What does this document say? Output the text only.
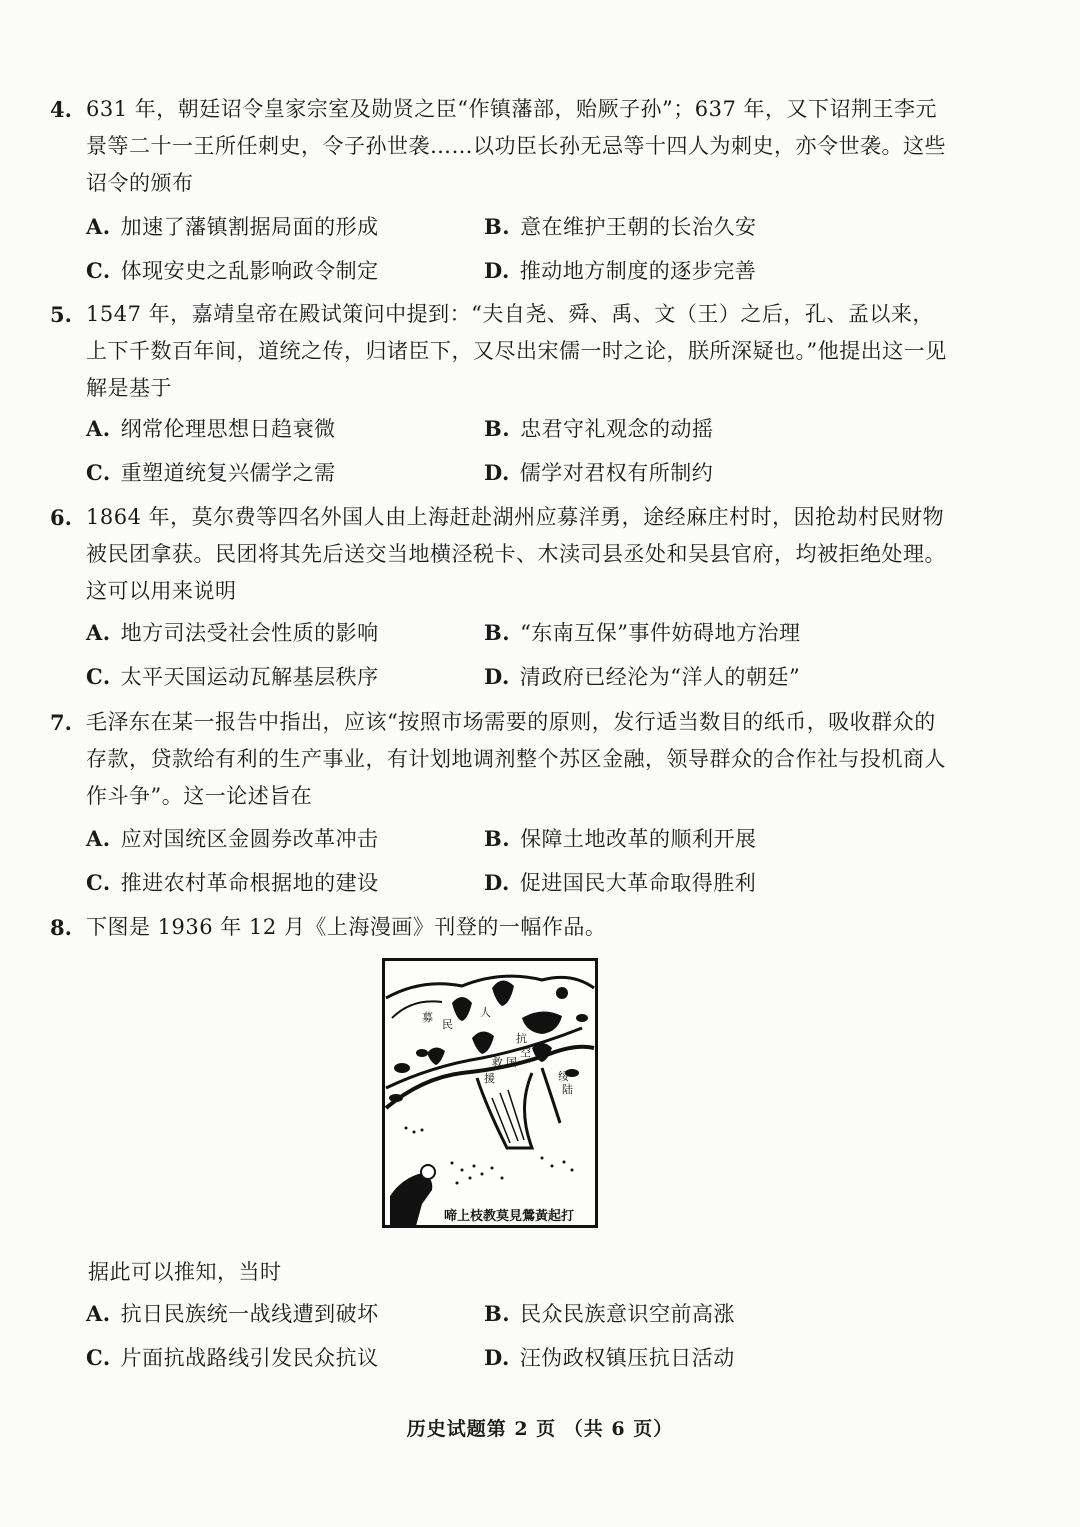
4. 631 年，朝廷诏令皇家宗室及勋贤之臣“作镇藩部，贻厥子孙”；637 年，又下诏荆王李元景等二十一王所任刺史，令子孙世袭……以功臣长孙无忌等十四人为刺史，亦令世袭。这些诏令的颁布
A. 加速了藩镇割据局面的形成	B. 意在维护王朝的长治久安
C. 体现安史之乱影响政令制定	D. 推动地方制度的逐步完善
5. 1547 年，嘉靖皇帝在殿试策问中提到：“夫自尧、舜、禹、文（王）之后，孔、孟以来，上下千数百年间，道统之传，归诸臣下，又尽出宋儒一时之论，朕所深疑也。”他提出这一见解是基于
A. 纲常伦理思想日趋衰微	B. 忠君守礼观念的动摇
C. 重塑道统复兴儒学之需	D. 儒学对君权有所制约
6. 1864 年，莫尔费等四名外国人由上海赶赴湖州应募洋勇，途经麻庄村时，因抢劫村民财物被民团拿获。民团将其先后送交当地横泾税卡、木渎司县丞处和吴县官府，均被拒绝处理。这可以用来说明
A. 地方司法受社会性质的影响	B. “东南互保”事件妨碍地方治理
C. 太平天国运动瓦解基层秩序	D. 清政府已经沦为“洋人的朝廷”
7. 毛泽东在某一报告中指出，应该“按照市场需要的原则，发行适当数目的纸币，吸收群众的存款，贷款给有利的生产事业，有计划地调剂整个苏区金融，领导群众的合作社与投机商人作斗争”。这一论述旨在
A. 应对国统区金圆券改革冲击	B. 保障土地改革的顺利开展
C. 推进农村革命根据地的建设	D. 促进国民大革命取得胜利
8. 下图是 1936 年 12 月《上海漫画》刊登的一幅作品。
募
民
人
抗
空
救 国
援	绥
陆
啼上枝教莫見鶯黃起打
据此可以推知，当时
A. 抗日民族统一战线遭到破坏	B. 民众民族意识空前高涨
C. 片面抗战路线引发民众抗议	D. 汪伪政权镇压抗日活动
历史试题第 2 页 （共 6 页）
